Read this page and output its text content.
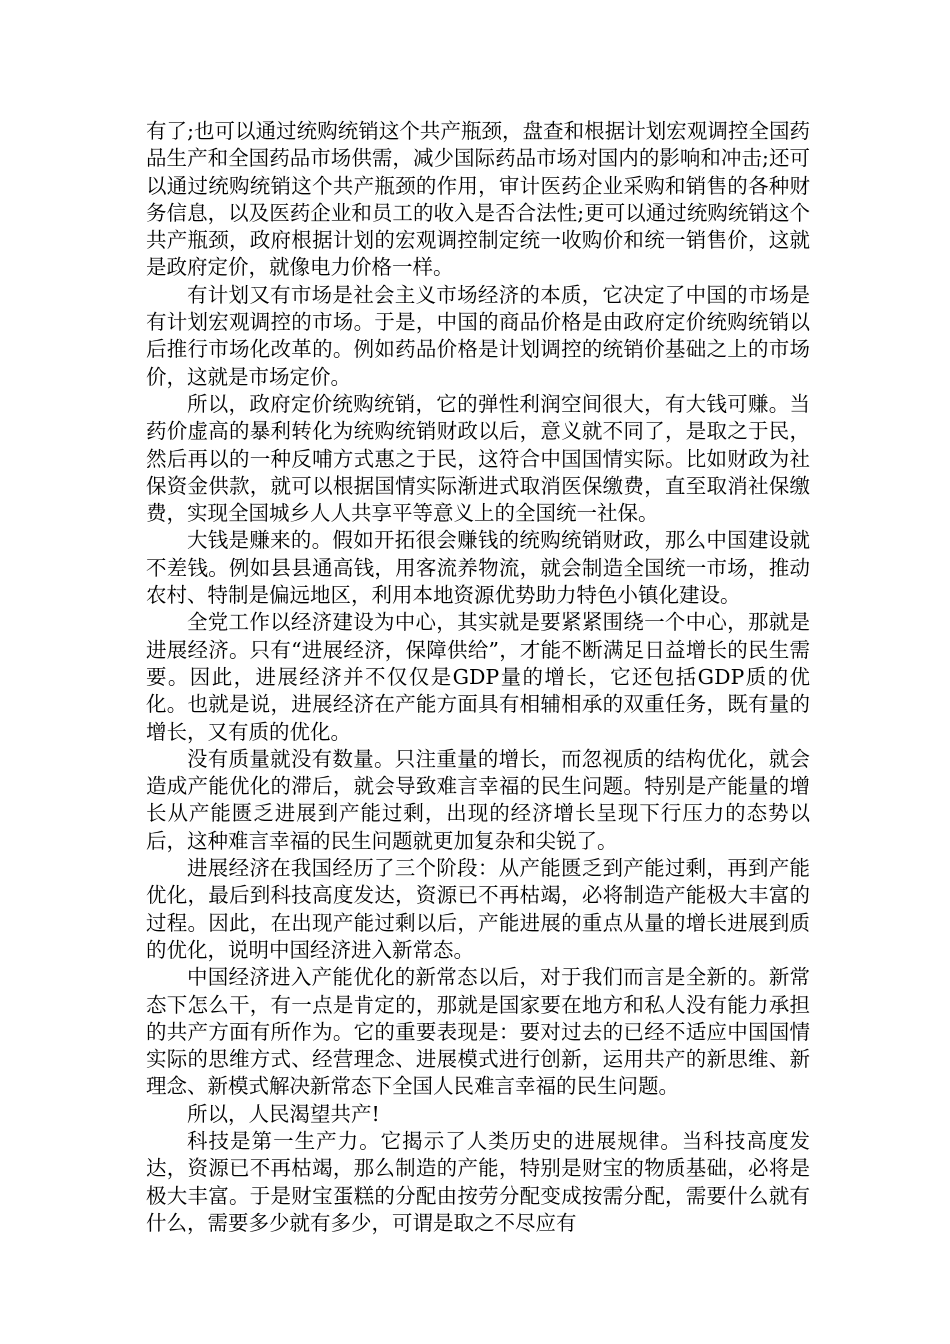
有了;也可以通过统购统销这个共产瓶颈，盘查和根据计划宏观调控全国药品生产和全国药品市场供需，减少国际药品市场对国内的影响和冲击;还可以通过统购统销这个共产瓶颈的作用，审计医药企业采购和销售的各种财务信息，以及医药企业和员工的收入是否合法性;更可以通过统购统销这个共产瓶颈，政府根据计划的宏观调控制定统一收购价和统一销售价，这就是政府定价，就像电力价格一样。

有计划又有市场是社会主义市场经济的本质，它决定了中国的市场是有计划宏观调控的市场。于是，中国的商品价格是由政府定价统购统销以后推行市场化改革的。例如药品价格是计划调控的统销价基础之上的市场价，这就是市场定价。

所以，政府定价统购统销，它的弹性利润空间很大，有大钱可赚。当药价虚高的暴利转化为统购统销财政以后，意义就不同了，是取之于民，然后再以的一种反哺方式惠之于民，这符合中国国情实际。比如财政为社保资金供款，就可以根据国情实际渐进式取消医保缴费，直至取消社保缴费，实现全国城乡人人共享平等意义上的全国统一社保。

大钱是赚来的。假如开拓很会赚钱的统购统销财政，那么中国建设就不差钱。例如县县通高钱，用客流养物流，就会制造全国统一市场，推动农村、特制是偏远地区，利用本地资源优势助力特色小镇化建设。

全党工作以经济建设为中心，其实就是要紧紧围绕一个中心，那就是进展经济。只有“进展经济，保障供给”，才能不断满足日益增长的民生需要。因此，进展经济并不仅仅是GDP量的增长，它还包括GDP质的优化。也就是说，进展经济在产能方面具有相辅相承的双重任务，既有量的增长，又有质的优化。

没有质量就没有数量。只注重量的增长，而忽视质的结构优化，就会造成产能优化的滞后，就会导致难言幸福的民生问题。特别是产能量的增长从产能匮乏进展到产能过剩，出现的经济增长呈现下行压力的态势以后，这种难言幸福的民生问题就更加复杂和尖锐了。

进展经济在我国经历了三个阶段：从产能匮乏到产能过剩，再到产能优化，最后到科技高度发达，资源已不再枯竭，必将制造产能极大丰富的过程。因此，在出现产能过剩以后，产能进展的重点从量的增长进展到质的优化，说明中国经济进入新常态。

中国经济进入产能优化的新常态以后，对于我们而言是全新的。新常态下怎么干，有一点是肯定的，那就是国家要在地方和私人没有能力承担的共产方面有所作为。它的重要表现是：要对过去的已经不适应中国国情实际的思维方式、经营理念、进展模式进行创新，运用共产的新思维、新理念、新模式解决新常态下全国人民难言幸福的民生问题。

所以，人民渴望共产!

科技是第一生产力。它揭示了人类历史的进展规律。当科技高度发达，资源已不再枯竭，那么制造的产能，特别是财宝的物质基础，必将是极大丰富。于是财宝蛋糕的分配由按劳分配变成按需分配，需要什么就有什么，需要多少就有多少，可谓是取之不尽应有
